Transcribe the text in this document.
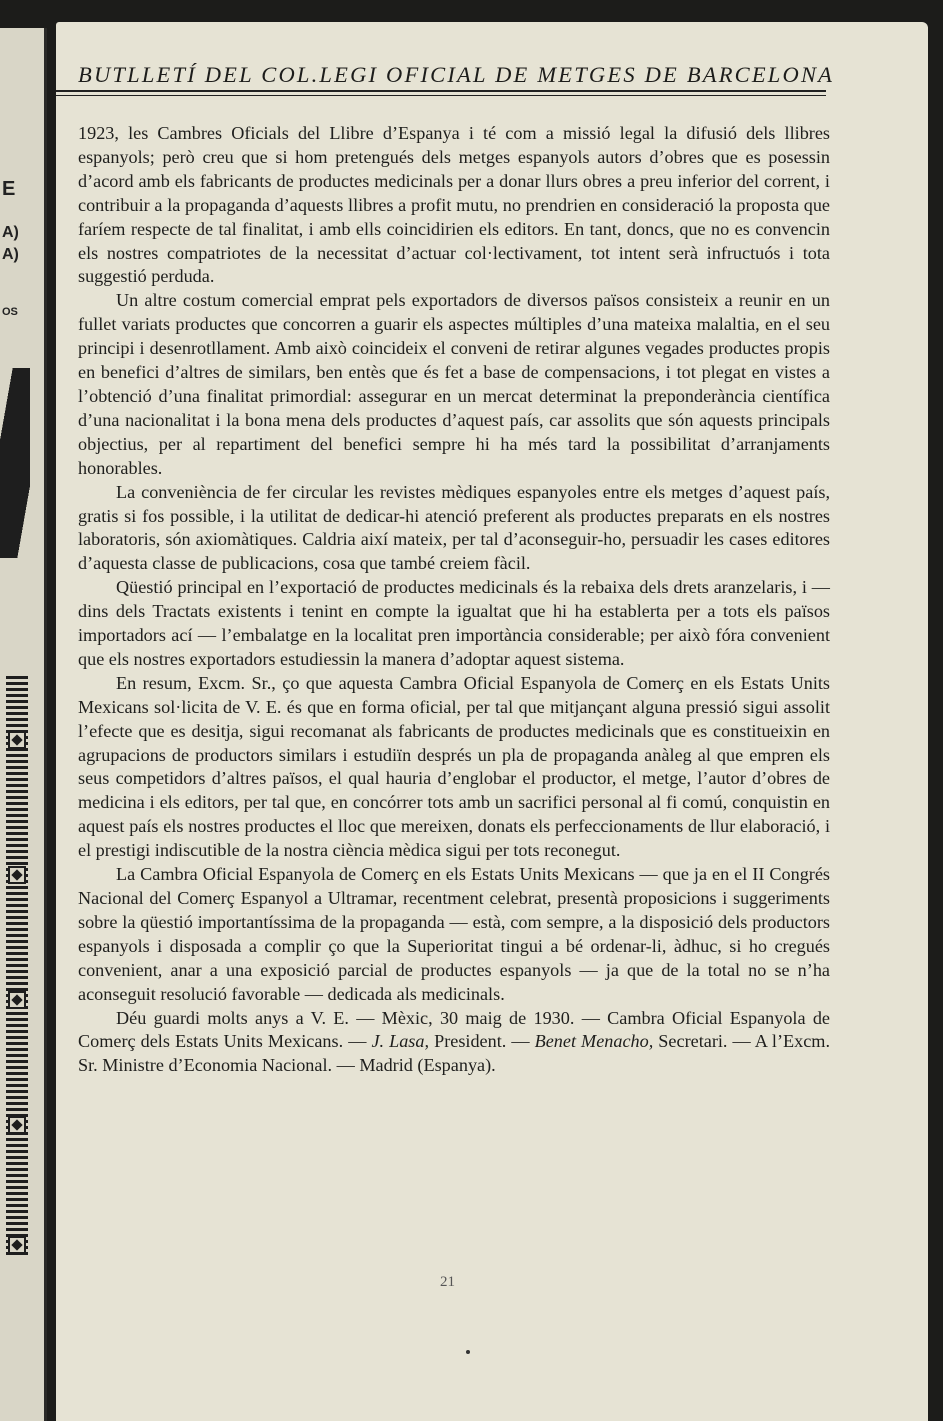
E
A)
A)
OS
BUTLLETÍ DEL COL.LEGI OFICIAL DE METGES DE BARCELONA

1923, les Cambres Oficials del Llibre d’Espanya i té com a missió legal la difusió dels llibres espanyols; però creu que si hom pretengués dels metges espanyols autors d’obres que es posessin d’acord amb els fabricants de productes medicinals per a donar llurs obres a preu inferior del corrent, i contribuir a la propaganda d’aquests llibres a profit mutu, no prendrien en consideració la proposta que faríem respecte de tal finalitat, i amb ells coincidirien els editors. En tant, doncs, que no es convencin els nostres compatriotes de la necessitat d’actuar col·lectivament, tot intent serà infructuós i tota suggestió perduda.

Un altre costum comercial emprat pels exportadors de diversos països consisteix a reunir en un fullet variats productes que concorren a guarir els aspectes múltiples d’una mateixa malaltia, en el seu principi i desenrotllament. Amb això coincideix el conveni de retirar algunes vegades productes propis en benefici d’altres de similars, ben entès que és fet a base de compensacions, i tot plegat en vistes a l’obtenció d’una finalitat primordial: assegurar en un mercat determinat la preponderància científica d’una nacionalitat i la bona mena dels productes d’aquest país, car assolits que són aquests principals objectius, per al repartiment del benefici sempre hi ha més tard la possibilitat d’arranjaments honorables.

La conveniència de fer circular les revistes mèdiques espanyoles entre els metges d’aquest país, gratis si fos possible, i la utilitat de dedicar-hi atenció preferent als productes preparats en els nostres laboratoris, són axiomàtiques. Caldria així mateix, per tal d’aconseguir-ho, persuadir les cases editores d’aquesta classe de publicacions, cosa que també creiem fàcil.

Qüestió principal en l’exportació de productes medicinals és la rebaixa dels drets aranzelaris, i — dins dels Tractats existents i tenint en compte la igualtat que hi ha establerta per a tots els països importadors ací — l’embalatge en la localitat pren importància considerable; per això fóra convenient que els nostres exportadors estudiessin la manera d’adoptar aquest sistema.

En resum, Excm. Sr., ço que aquesta Cambra Oficial Espanyola de Comerç en els Estats Units Mexicans sol·licita de V. E. és que en forma oficial, per tal que mitjançant alguna pressió sigui assolit l’efecte que es desitja, sigui recomanat als fabricants de productes medicinals que es constitueixin en agrupacions de productors similars i estudiïn després un pla de propaganda anàleg al que empren els seus competidors d’altres països, el qual hauria d’englobar el productor, el metge, l’autor d’obres de medicina i els editors, per tal que, en concórrer tots amb un sacrifici personal al fi comú, conquistin en aquest país els nostres productes el lloc que mereixen, donats els perfeccionaments de llur elaboració, i el prestigi indiscutible de la nostra ciència mèdica sigui per tots reconegut.

La Cambra Oficial Espanyola de Comerç en els Estats Units Mexicans — que ja en el II Congrés Nacional del Comerç Espanyol a Ultramar, recentment celebrat, presentà proposicions i suggeriments sobre la qüestió importantíssima de la propaganda — està, com sempre, a la disposició dels productors espanyols i disposada a complir ço que la Superioritat tingui a bé ordenar-li, àdhuc, si ho cregués convenient, anar a una exposició parcial de productes espanyols — ja que de la total no se n’ha aconseguit resolució favorable — dedicada als medicinals.

Déu guardi molts anys a V. E. — Mèxic, 30 maig de 1930. — Cambra Oficial Espanyola de Comerç dels Estats Units Mexicans. — J. Lasa, President. — Benet Menacho, Secretari. — A l’Excm. Sr. Ministre d’Economia Nacional. — Madrid (Espanya).

21
